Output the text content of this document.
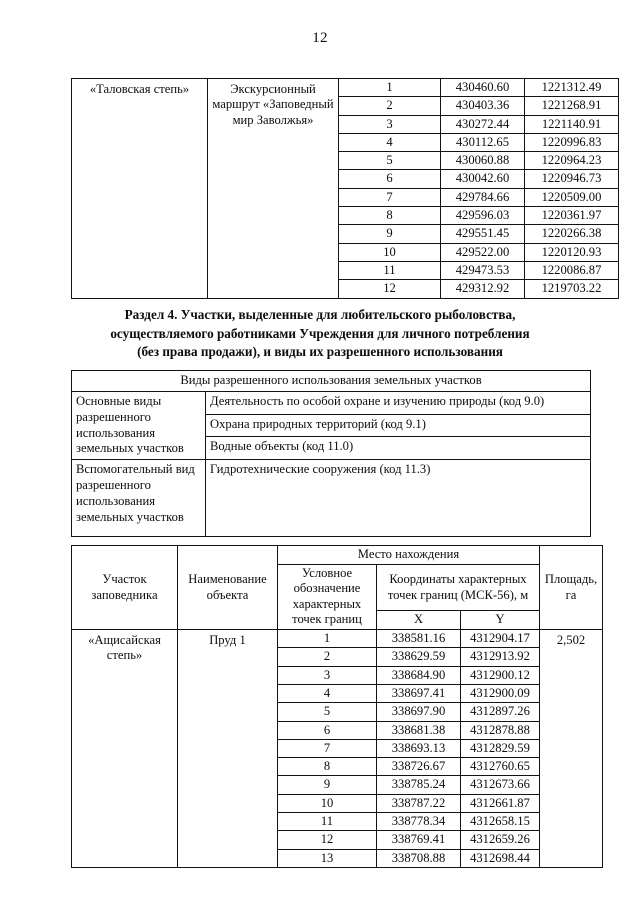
12
«Таловская степь»	Экскурсионный маршрут «Заповедный мир Заволжья»	1	430460.60	1221312.49
		2	430403.36	1221268.91
		3	430272.44	1221140.91
		4	430112.65	1220996.83
		5	430060.88	1220964.23
		6	430042.60	1220946.73
		7	429784.66	1220509.00
		8	429596.03	1220361.97
		9	429551.45	1220266.38
		10	429522.00	1220120.93
		11	429473.53	1220086.87
		12	429312.92	1219703.22
Раздел 4. Участки, выделенные для любительского рыболовства,
осуществляемого работниками Учреждения для личного потребления
(без права продажи), и виды их разрешенного использования
Виды разрешенного использования земельных участков	
Основные виды разрешенного использования земельных участков	Деятельность по особой охране и изучению природы (код 9.0)
	Охрана природных территорий (код 9.1)
	Водные объекты (код 11.0)
Вспомогательный вид разрешенного использования земельных участков	Гидротехнические сооружения (код 11.3)
Участок заповедника	Наименование объекта	Место нахождения			Площадь, га
		Условное обозначение характерных точек границ	Координаты характерных точек границ (МСК-56), м		
			X	Y	
«Ащисайская степь»	Пруд 1	1	338581.16	4312904.17	2,502
		2	338629.59	4312913.92	
		3	338684.90	4312900.12	
		4	338697.41	4312900.09	
		5	338697.90	4312897.26	
		6	338681.38	4312878.88	
		7	338693.13	4312829.59	
		8	338726.67	4312760.65	
		9	338785.24	4312673.66	
		10	338787.22	4312661.87	
		11	338778.34	4312658.15	
		12	338769.41	4312659.26	
		13	338708.88	4312698.44	
